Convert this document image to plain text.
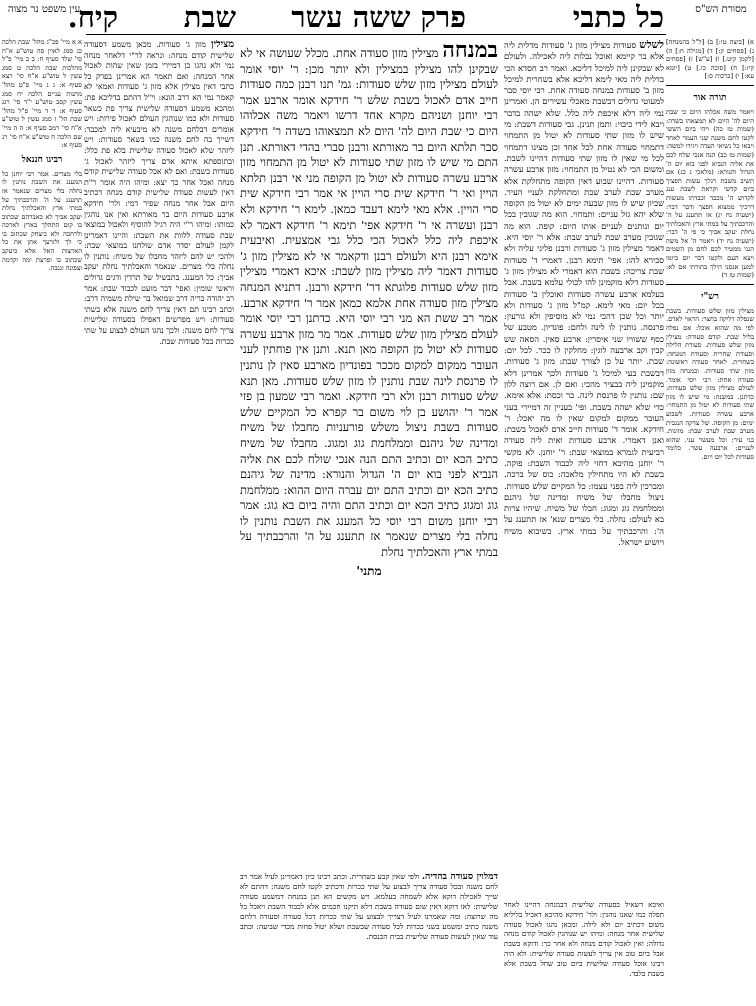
מסורת הש"ס
כל כתבי
פרק ששה עשר
שבת
קיח.
עין משפט נר מצוה

א) [ביצה טו:] ב) [ל"ל בהמנחה] ג) [פסחים ק:] ד) [מגילה ח:] ה) [לקמן קיט.] ו) [ע"ש] ז) [פסחים קיז:] ח) [סוכה כז.] ט) [יומא עא:] י) [ברכות ס:]

תורה אור

ויאמר משה אכלהו היום כי שבת היום לה' היום לא תמצאהו בשדה: (שמות טז כה) ויהי ביום הששי לקטו לחם משנה שני העמר לאחד ויבאו כל נשיאי העדה ויגידו למשה: (שמות טז כב) הנה אנכי שלח לכם את אליה הנביא לפני בוא יום ה' הגדול והנורא: (מלאכי ג כג) אם תשיב משבת רגלך עשות חפציך ביום קדשי וקראת לשבת ענג לקדוש ה' מכבד וכבדתו מעשות דרכיך ממצוא חפצך ודבר דבר: (ישעיה נח יג) אז תתענג על ה' והרכבתיך על במתי ארץ והאכלתיך נחלת יעקב אביך כי פי ה' דבר: (ישעיה נח יד) ויאמר ה' אל משה הנני ממטיר לכם לחם מן השמים ויצא העם ולקטו דבר יום ביומו למען אנסנו הילך בתורתי אם לא: (שמות טז ד)

רש"י

מצילין מזון שלש סעודות. בשבת שנפלה דליקה בחצר: הראוי לאדם. לפי מה שהוא אוכל: אם נפלה בליל שבת. קודם סעודה: מצילין מזון שלש סעודות. סעודת הלילה וסעודת שחרית וסעודת המנחה: בשחרית. לאחר סעודה ראשונה: מזון שתי סעודות. ובמנחה מזון סעודה אחת: רבי יוסי אומר. לעולם מצילין מזון שלש סעודות: כדתנן. במשנה: מי שיש לו מזון שתי סעודות לא יטול מן התמחוי: ארבע עשרה סעודות. לשבוע ימים: מן הקופה. של צדקה הנגבית מערב שבת לערב שבת: מזונות. בני עיר: וכל מעשר עני. שהוא לעניים: ארבעה עשר. כלומר סעודות לכל יום ויום.

א א מיי' פכ"ג מהל' שבת הלכה כג סמג לאוין סה טוש"ע א"ח סי' שלד סעיף ח: ב ב מיי' פ"ל מהלכות שבת הלכה ט סמג עשין ל טוש"ע א"ח סי' רצא סעיף א: ג ג מיי' פ"ט מהל' מתנות עניים הלכה יח סמג עשין קסב טוש"ע י"ד סי' רנג סעיף א: ד ד מיי' פ"ל מהל' שבת הל' ז סמג עשין ל טוש"ע א"ח סי' רמב סעיף א: ה ה מיי' שם הלכה ח טוש"ע א"ח סי' רנ סעיף א:

רבינו חננאל

בלי מצרים. אמר רבי יוחנן כל המענג את השבת נותנין לו נחלה בלי מצרים שנאמר אז תתענג על ה' והרכבתיך על במתי ארץ והאכלתיך נחלת יעקב אביך לא כאברהם שכתוב בו קום התהלך בארץ לארכה ולרחבה ולא כיצחק שכתוב בו כי לך ולזרעך אתן את כל הארצות האל אלא כיעקב שכתוב בו ופרצת ימה וקדמה וצפונה ונגבה.

לשלש סעודות מצילין מזון ג' סעודות מדלית ליה אלא בר קיימא ואוכל נבלות ליה לאכילה. ולעולם לא שבקינן ליה למיכל דליכא. ואמר רב חסדא הכי בדלית ליה מאי לימא דליכא אלא בשחרית למיכל מזון ב' סעודות במנחה סעודה אחת. רבי יוסי סבר למעוטי גדולים דבשבת מאכלי עשירים הן. ואמרינן נמי ליה דלא איכפת ליה כלל. שלא ישהה בדבר ויבא לידי כיבוי: ותמן תנינן. גבי סעודות דשבת: מי שיש לו מזון שתי סעודות לא יטול מן התמחוי דתמחוי סעודה אחת לכל אחד וכן מצינו דתמחוי לכל מי שאין לו מזון שתי סעודות דהיינו לשבת. ומשום הכי לא נטיל מן התמחוי: מזון ארבע עשרה סעודות. דהיינו שבוע דאין הקופה מתחלקת אלא מערב שבת לערב שבת ומתחלקת לעניי העיר. שכיון שיש לו מזון שבעה ימים לא יטול מן הקופה שלא יהא גזל עניים: ותמחוי. הוא מה שגובין בכל יום ונותנים לעניים אותו היום: קופה. הוא מה שגובין מערב שבת לערב שבת: אלא ר' יוסי היא. דאמר מצילין מזון ג' סעודות ורבנן פליגי עליה ולא סבירא להו: אפי' תימא רבנן. דאמרי ד' סעודות שבת צריכה: בשבת הוא דאמרי לא מצילין מזון ג' סעודות דלא מוקמינן להו לכולי עלמא בשבת. אבל בעלמא ארבע עשרה סעודות ואוכלין ב' סעודות בכל יום: מאי לימא. קמ"ל מזון ג' סעודות ולא יותר וכל שכן דהכי נמי לא מוסיפין ולא גורעין: פרנסה. נותנין לו לינה ולחם: פונדיון. מטבע של כסף ששוויו שני איסרין: ארבע סאין. הסאה שש קבין וקב ארבעה לוגין: מחלקין לו ככר. לכל יום: שבת. יותר על כן לצורך שבת: מזון ג' סעודות. דבשבת בעי למיכל ג' סעודות ולכך אמרינן דלא מוקמינן ליה בבציר מהכי: ואם לן. אם רוצה ללון שם: נותנין לו פרנסת לינה. כר וכסת: אלא אימא. כדי שלא ישהה בשבת. ופי' בעניין זה דמיירי בעני העובר ממקום למקום שאין לו מה יאכל: ר' חידקא. אומר ד' סעודות חייב אדם לאכול בשבת: ואנן דאמרי. ארבע סעודות ואית ליה סעודה רביעית לגמרא במוצאי שבת: ר' יוחנן. לא מקשי ר' יוחנן מהיכא דחזי ליה לכבוד השבת: פוקה. בשבת לא היו מתחילין מלאכה: כוס של ברכה. ומברכין ליה בפני עצמו: כל המקיים שלש סעודות. ניצול מחבלו של משיח ומדינה של גיהנם וממלחמת גוג ומגוג: חבלו של משיח. שיהיו צרות בא לעולם: נחלה. בלי מצרים שנא' אז תתענג על ה': והרכבתיך על במתי ארץ. כשיבוא משיח ויושיע ישראל.
במנחה מצילין מזון סעודה אחת. מכלל שעושה אי לא שבקינן להו מצילין במצילין ולא יותר מכן: ר' יוסי אומר לעולם מצילין מזון שלש סעודות: גמ' תנו רבנן כמה סעודות חייב אדם לאכול בשבת שלש ר' חידקא אומר ארבע אמר רבי יוחנן ושניהם מקרא אחד דרשו ויאמר משה אכלוהו היום כי שבת היום לה' היום לא תמצאוהו בשדה ר' חידקא סבר תלתא היום בר מאורתא ורבנן סברי בהדי דאורתא. תנן התם מי שיש לו מזון שתי סעודות לא יטול מן התמחוי מזון ארבע עשרה סעודות לא יטול מן הקופה מני אי רבנן תלתא הויין ואי ר' חידקא שית סרי הויין אי אמר רבי חידקא שית סרי הויין. אלא מאי לימא דעבד כמאן. לימא ר' חידקא ולא רבנן ועשרה אי ר' חידקא אפי' תימא ר' חידקא דאמר לא איכפת ליה כלל לאכול הכי כלל גבי אמצעית. ואיבעית אימא רבנן היא ולעולם רבנן ודקאמר אי לא מצילין מזון ג' סעודות דאמר ליה מצילין מזון לשבת: איכא דאמרי מצילין מזון שלש סעודות פלוגתא דר' חידקא ורבנן. דתניא המנחה מצילין מזון סעודה אחת אלמא כמאן אמר ר' חידקא ארבע. אמר רב ששת הא מני רבי יוסי היא. כדתנן רבי יוסי אומר לעולם מצילין מזון שלש סעודות. אמר מר מזון ארבע עשרה סעודות לא יטול מן הקופה מאן תנא. ותנן אין פוחתין לעני העובר ממקום למקום מככר בפונדיון מארבע סאין לן נותנין לו פרנסת לינה שבת נותנין לו מזון שלש סעודות. מאן תנא שלש סעודות רבנן ולא רבי חידקא. ואמר רבי שמעון בן פזי אמר ר' יהושע בן לוי משום בר קפרא כל המקיים שלש סעודות בשבת ניצול משלש פורעניות מחבלו של משיח ומדינה של גיהנם וממלחמת גוג ומגוג. מחבלו של משיח כתיב הכא יום וכתיב התם הנה אנכי שולח לכם את אליה הנביא לפני בוא יום ה' הגדול והנורא: מדינה של גיהנם כתיב הכא יום וכתיב התם יום עברה היום ההוא: ממלחמת גוג ומגוג כתיב הכא יום וכתיב התם והיה ביום בא גוג: אמר רבי יוחנן משום רבי יוסי כל המענג את השבת נותנין לו נחלה בלי מצרים שנאמר אז תתענג על ה' והרכבתיך על במתי ארץ והאכלתיך נחלת
מתני'
מצילין מזון ג' סעודות. מכאן משמע דסעודה שלישית קודם מנחה: ונראה לר"י דלאחר מנחה נמי ולא נהגו כן דמיירי בזמן שאין שהות לאכול אחר המנחה: ואם תאמר הא אמרינן בפרק כל כתבי דאין מצילין אלא מזון ג' סעודות ואמאי לא קאמר נמי הא דרב הונא: וי"ל דהתם בדליכא פת: ומהכא משמע דסעודה שלישית צריך פת כשאר סעודות ולא כמו שנוהגין העולם לאכול פירות: ויש אומרים דבלחם משנה לא מיבעיא ליה למכבד: דשייך בה לחם משנה כמו בשאר סעודות: ויש ליזהר שלא לאכול סעודה שלישית בלא פת כלל: ובתוספתא איתא אדם צריך ליזהר לאכול ג' סעודות בשבת: ואם לא אכל סעודה שלישית קודם מנחה ואכל אחר כך יצא: ומיהו היה אומר ר"ת דאין לעשות סעודה שלישית קודם מנחה דכתיב היום אבל אחר מנחה שפיר דמי: ולר' חידקא ארבע סעודות היום בר מאורתא ואין אנו נוהגין כמותו: ומיהו ר"י היה רגיל להוסיף ולאכול במוצאי שבת סעודה ללוות את השבת: והיינו דאמרינן לקמן לעולם יסדר אדם שולחנו במוצאי שבת: ולהכי יש להם ליזהר מחבלו של משיח: נותנין לו נחלה בלי מצרים. שנאמר והאכלתיך נחלת יעקב אביך: כל המענג. בתבשיל של תרדין ודגים גדולים וראשי שומין: ואפי' דבר מועט לכבוד שבת: אמר רב יהודה בריה דרב שמואל בר שילת משמיה דרב: וכתב רבינו תם דאין צריך לחם משנה אלא בשתי סעודות: ויש מפרשים דאפילו בסעודה שלישית צריך לחם משנה: ולכך נהגו העולם לבצוע על שתי ככרות בכל סעודות שבת.
ואיכא דשאיל בסעודה שלישית דבמנחה דהיינו לאחר תפלה כמו שאנו נוהגין: ולר' חידקא מהיכא דאכיל בליליא משום דכתיב יום ולא לילה. ומכאן נהגו לאכול סעודה שלישית אחר מנחה: ומיהו יש שנוהגין לאכול קודם מנחה גדולה: ואין לאכול קודם מנחה ולא אחר כך: ודוקא בשבת אבל ביום טוב אין צריך לעשות סעודה שלישית: ולא היה רבינו אוכל סעודה שלישית ביום טוב שחל בשבת אלא בשבת בלבד.
דמלוין סעודה בהדיה. ולפי שאין קבע בשחרית. וכתב רבינו כיון דאמרינן לעיל אמר רב לחם משנה ובכל סעודה צריך לבצוע על שתי ככרות ודכתיב לקטו לחם משנה: דהתם לא שייך לאכילה דוקא אלא לשמחה בעלמא. ויש מקשים הא תנן במנחה דמשמע סעודה שלישית: לאו דוקא דאין שום סעודה בשבת דלא תיקנו חכמים אלא לכבוד השבת ויאכל כל מה שרוצה: ומה שאמרנו לעיל דצריך לבצוע על שתי ככרות דכל סעודה וסעודה דלחם משנה כתיב ומשמע בשני ככרות לכל סעודה שבשבת ושלא יטול פחות מכדי שביעה: וכתב עוד שאין לעשות סעודה שלישית בבית הכנסת.
